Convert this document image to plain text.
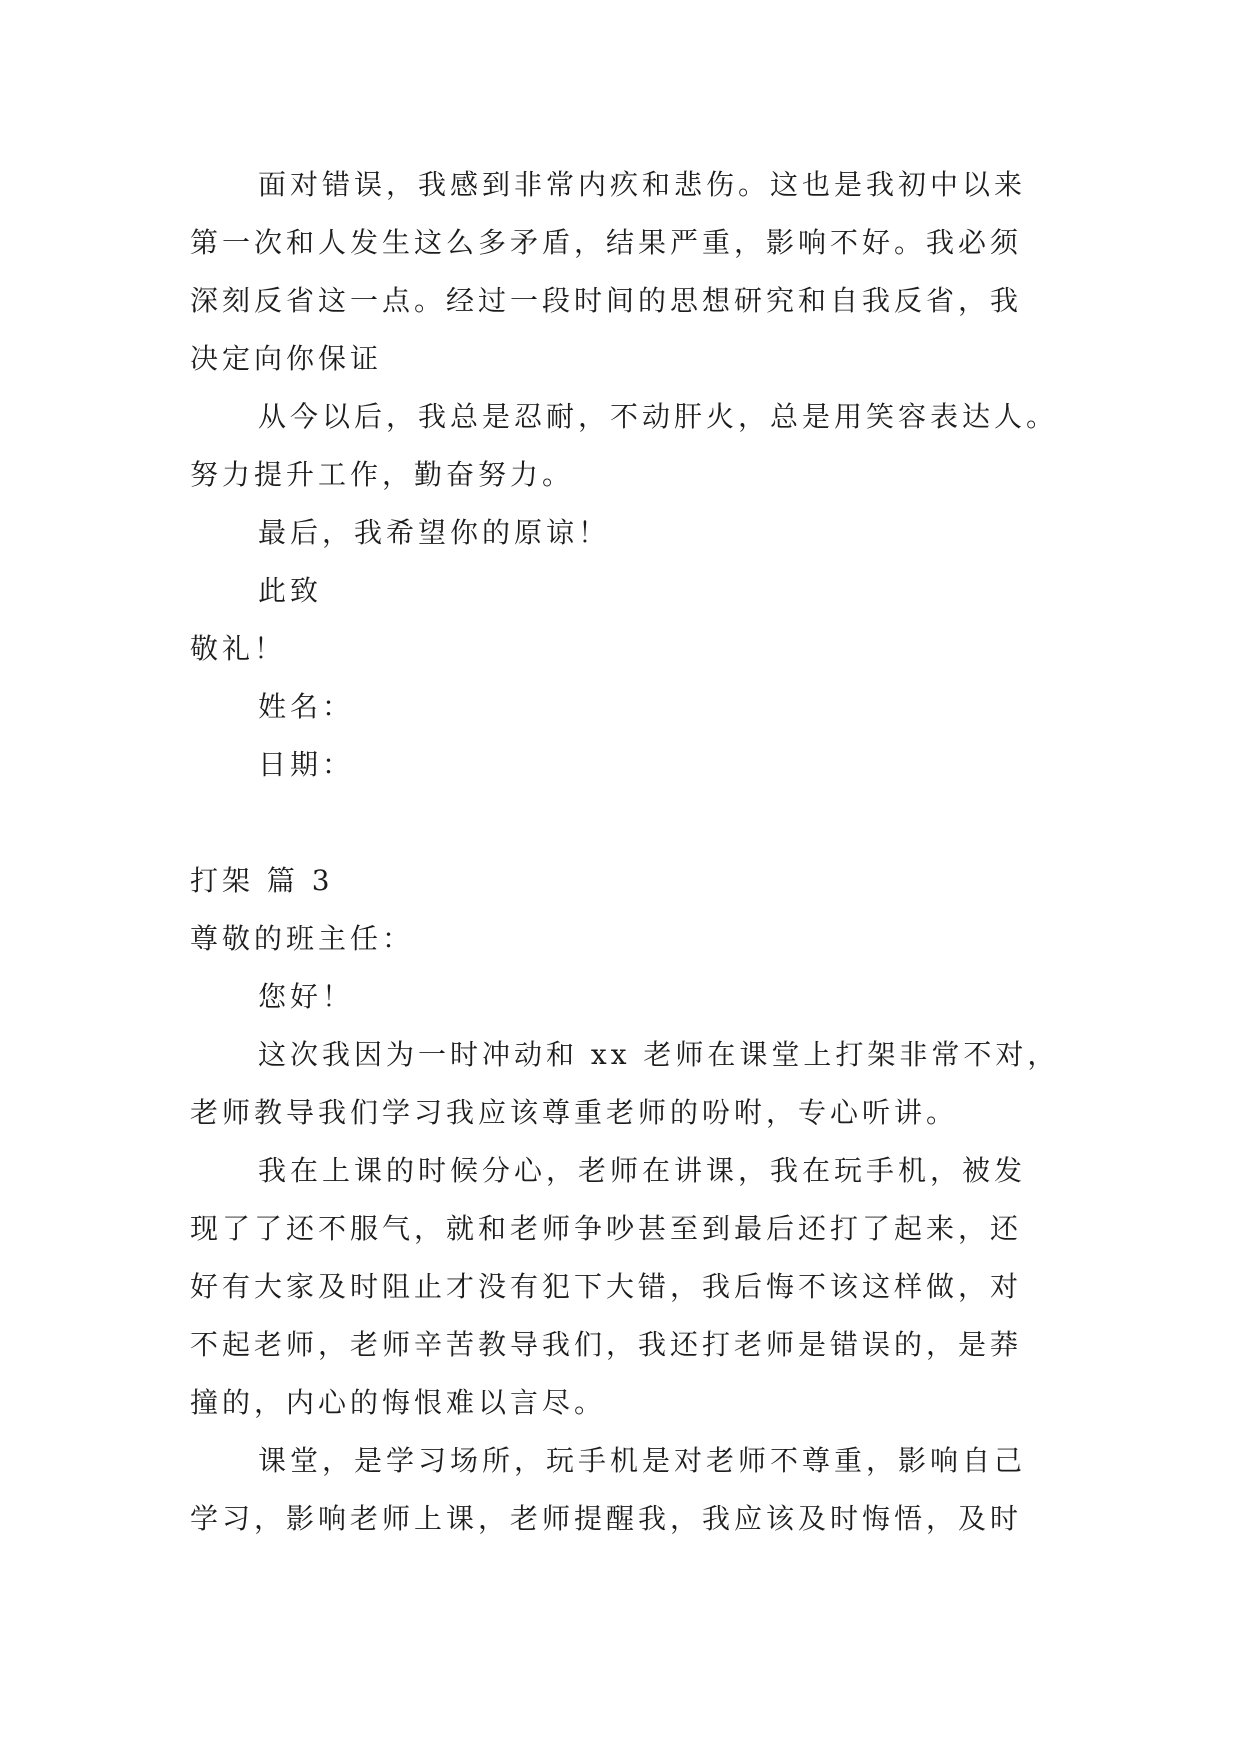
面对错误，我感到非常内疚和悲伤。这也是我初中以来
第一次和人发生这么多矛盾，结果严重，影响不好。我必须
深刻反省这一点。经过一段时间的思想研究和自我反省，我
决定向你保证
从今以后，我总是忍耐，不动肝火，总是用笑容表达人。
努力提升工作，勤奋努力。
最后，我希望你的原谅！
此致
敬礼！
姓名：
日期：
打架 篇 3
尊敬的班主任：
您好！
这次我因为一时冲动和 xx 老师在课堂上打架非常不对，
老师教导我们学习我应该尊重老师的吩咐，专心听讲。
我在上课的时候分心，老师在讲课，我在玩手机，被发
现了了还不服气，就和老师争吵甚至到最后还打了起来，还
好有大家及时阻止才没有犯下大错，我后悔不该这样做，对
不起老师，老师辛苦教导我们，我还打老师是错误的，是莽
撞的，内心的悔恨难以言尽。
课堂，是学习场所，玩手机是对老师不尊重，影响自己
学习，影响老师上课，老师提醒我，我应该及时悔悟，及时
